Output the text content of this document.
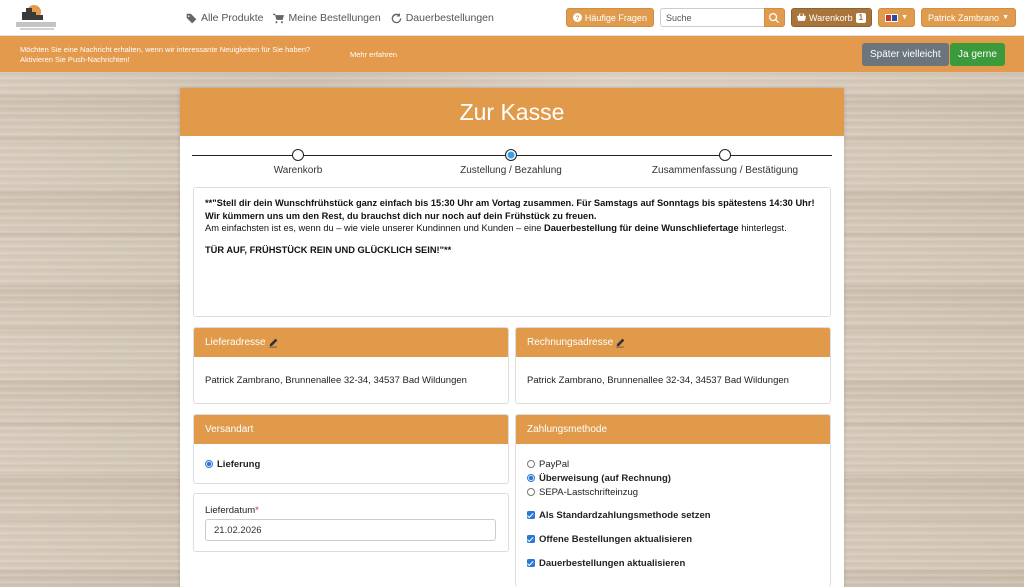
Alle Produkte Meine Bestellungen Dauerbestellungen	? Häufige Fragen
Suche	Warenkorb 1	▼ Patrick Zambrano ▼
Möchten Sie eine Nachricht erhalten, wenn wir interessante Neuigkeiten für Sie haben?
Aktivieren Sie Push-Nachrichten!
Mehr erfahren	Später vielleicht	Ja gerne
Zur Kasse
Warenkorb	Zustellung / Bezahlung	Zusammenfassung / Bestätigung

**"Stell dir dein Wunschfrühstück ganz einfach bis 15:30 Uhr am Vortag zusammen. Für Samstags auf Sonntags bis spätestens 14:30 Uhr!

Wir kümmern uns um den Rest, du brauchst dich nur noch auf dein Frühstück zu freuen.

Am einfachsten ist es, wenn du – wie viele unserer Kundinnen und Kunden – eine Dauerbestellung für deine Wunschliefertage hinterlegst.

TÜR AUF, FRÜHSTÜCK REIN UND GLÜCKLICH SEIN!"**

Lieferadresse
Patrick Zambrano, Brunnenallee 32-34, 34537 Bad Wildungen
Rechnungsadresse
Patrick Zambrano, Brunnenallee 32-34, 34537 Bad Wildungen
Versandart
Lieferung
Lieferdatum*
21.02.2026
Zahlungsmethode
PayPal
Überweisung (auf Rechnung)
SEPA-Lastschrifteinzug
Als Standardzahlungsmethode setzen
Offene Bestellungen aktualisieren
Dauerbestellungen aktualisieren
